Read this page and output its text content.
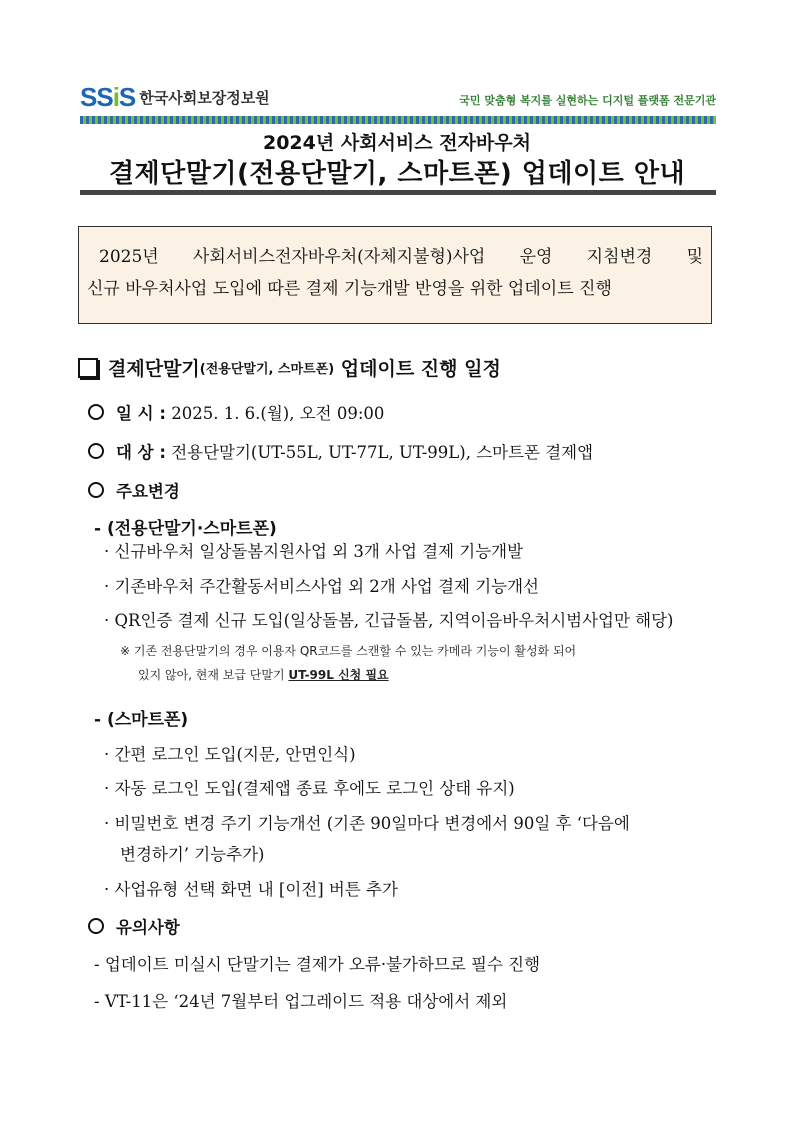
SSiS 한국사회보장정보원	국민 맞춤형 복지를 실현하는 디지털 플랫폼 전문기관
2024년 사회서비스 전자바우처
결제단말기(전용단말기, 스마트폰) 업데이트 안내

2025년 사회서비스전자바우처(자체지불형)사업 운영 지침변경 및

신규 바우처사업 도입에 따른 결제 기능개발 반영을 위한 업데이트 진행

결제단말기 (전용단말기, 스마트폰) 업데이트 진행 일정
일 시 : 2025. 1. 6.(월), 오전 09:00
대 상 : 전용단말기(UT-55L, UT-77L, UT-99L), 스마트폰 결제앱
주요변경
- (전용단말기·스마트폰)
· 신규바우처 일상돌봄지원사업 외 3개 사업 결제 기능개발
· 기존바우처 주간활동서비스사업 외 2개 사업 결제 기능개선
· QR인증 결제 신규 도입(일상돌봄, 긴급돌봄, 지역이음바우처시범사업만 해당)
※ 기존 전용단말기의 경우 이용자 QR코드를 스캔할 수 있는 카메라 기능이 활성화 되어
있지 않아, 현재 보급 단말기 UT-99L 신청 필요
- (스마트폰)
· 간편 로그인 도입(지문, 안면인식)
· 자동 로그인 도입(결제앱 종료 후에도 로그인 상태 유지)
· 비밀번호 변경 주기 기능개선 (기존 90일마다 변경에서 90일 후 ‘다음에
변경하기’ 기능추가)
· 사업유형 선택 화면 내 [이전] 버튼 추가
유의사항
- 업데이트 미실시 단말기는 결제가 오류·불가하므로 필수 진행
- VT-11은 ‘24년 7월부터 업그레이드 적용 대상에서 제외
